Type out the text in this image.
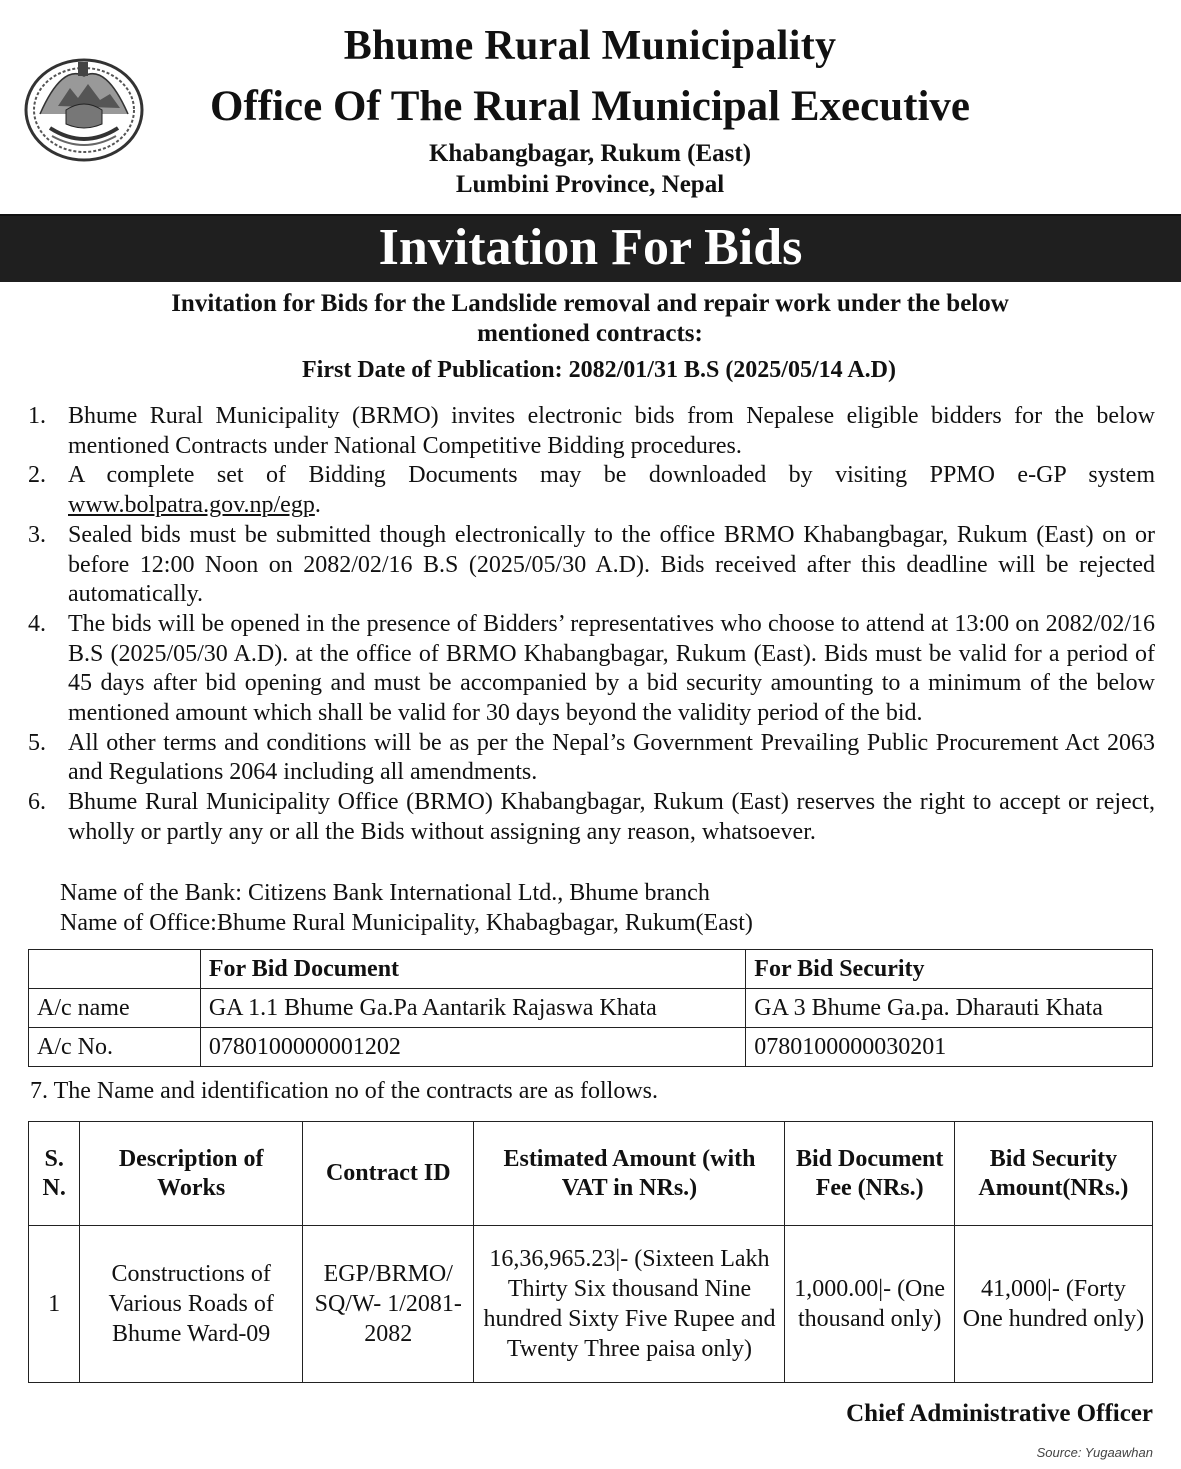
Bhume Rural Municipality
Office Of The Rural Municipal Executive
Khabangbagar, Rukum (East)
Lumbini Province, Nepal
Invitation For Bids
Invitation for Bids for the Landslide removal and repair work under the below
mentioned contracts:
First Date of Publication: 2082/01/31 B.S (2025/05/14 A.D)
1. Bhume Rural Municipality (BRMO) invites electronic bids from Nepalese eligible bidders for the below mentioned Contracts under National Competitive Bidding procedures.
2. A complete set of Bidding Documents may be downloaded by visiting PPMO e-GP system www.bolpatra.gov.np/egp.
3. Sealed bids must be submitted though electronically to the office BRMO Khabangbagar, Rukum (East) on or before 12:00 Noon on 2082/02/16 B.S (2025/05/30 A.D). Bids received after this deadline will be rejected automatically.
4. The bids will be opened in the presence of Bidders’ representatives who choose to attend at 13:00 on 2082/02/16 B.S (2025/05/30 A.D). at the office of BRMO Khabangbagar, Rukum (East). Bids must be valid for a period of 45 days after bid opening and must be accompanied by a bid security amounting to a minimum of the below mentioned amount which shall be valid for 30 days beyond the validity period of the bid.
5. All other terms and conditions will be as per the Nepal’s Government Prevailing Public Procurement Act 2063 and Regulations 2064 including all amendments.
6. Bhume Rural Municipality Office (BRMO) Khabangbagar, Rukum (East) reserves the right to accept or reject, wholly or partly any or all the Bids without assigning any reason, whatsoever.
Name of the Bank: Citizens Bank International Ltd., Bhume branch
Name of Office:Bhume Rural Municipality, Khabagbagar, Rukum(East)
	For Bid Document	For Bid Security
A/c name	GA 1.1 Bhume Ga.Pa Aantarik Rajaswa Khata	GA 3 Bhume Ga.pa. Dharauti Khata
A/c No.	0780100000001202	0780100000030201
7. The Name and identification no of the contracts are as follows.
S. N.	Description of Works	Contract ID	Estimated Amount (with VAT in NRs.)	Bid Document Fee (NRs.)	Bid Security Amount(NRs.)
1	Constructions of Various Roads of Bhume Ward-09	EGP/BRMO/ SQ/W- 1/2081-2082	16,36,965.23|- (Sixteen Lakh Thirty Six thousand Nine hundred Sixty Five Rupee and Twenty Three paisa only)	1,000.00|- (One thousand only)	41,000|- (Forty One hundred only)
Chief Administrative Officer
Source: Yugaawhan
